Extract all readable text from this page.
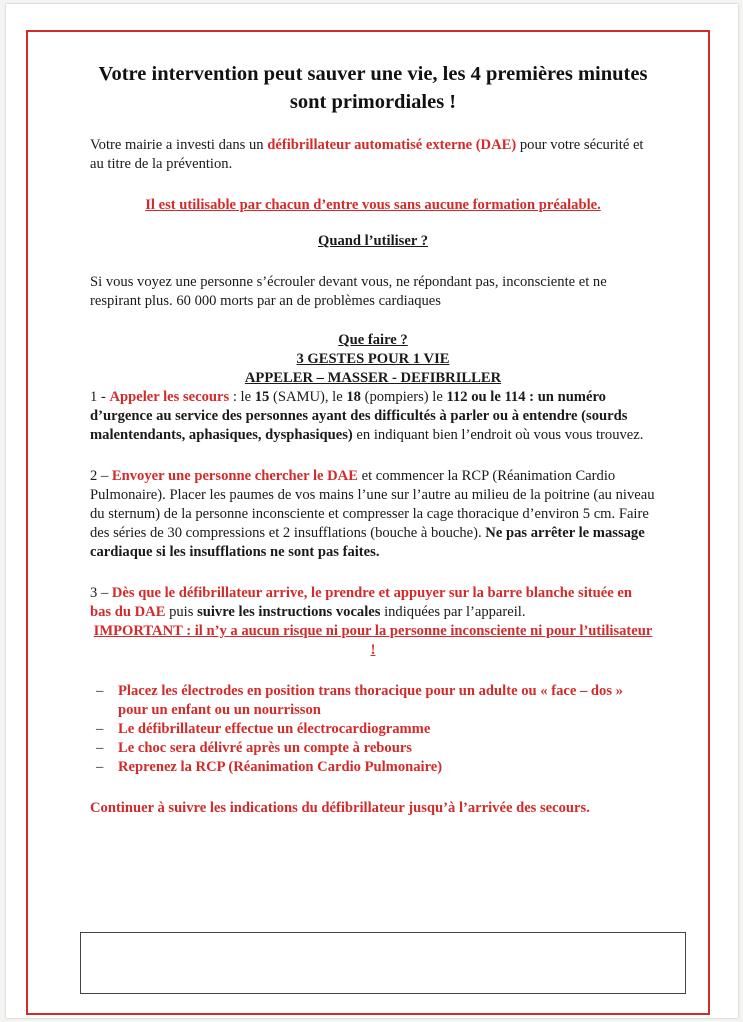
Votre intervention peut sauver une vie, les 4 premières minutes sont primordiales !

Votre mairie a investi dans un défibrillateur automatisé externe (DAE) pour votre sécurité et au titre de la prévention.

Il est utilisable par chacun d’entre vous sans aucune formation préalable.

Quand l’utiliser ?

Si vous voyez une personne s’écrouler devant vous, ne répondant pas, inconsciente et ne respirant plus. 60 000 morts par an de problèmes cardiaques

Que faire ?

3 GESTES POUR 1 VIE

APPELER – MASSER - DEFIBRILLER

1 - Appeler les secours : le 15 (SAMU), le 18 (pompiers) le 112 ou le 114 : un numéro d’urgence au service des personnes ayant des difficultés à parler ou à entendre (sourds malentendants, aphasiques, dysphasiques) en indiquant bien l’endroit où vous vous trouvez.

2 – Envoyer une personne chercher le DAE et commencer la RCP (Réanimation Cardio Pulmonaire). Placer les paumes de vos mains l’une sur l’autre au milieu de la poitrine (au niveau du sternum) de la personne inconsciente et compresser la cage thoracique d’environ 5 cm. Faire des séries de 30 compressions et 2 insufflations (bouche à bouche). Ne pas arrêter le massage cardiaque si les insufflations ne sont pas faites.

3 – Dès que le défibrillateur arrive, le prendre et appuyer sur la barre blanche située en bas du DAE puis suivre les instructions vocales indiquées par l’appareil.

IMPORTANT : il n’y a aucun risque ni pour la personne inconsciente ni pour l’utilisateur !

– Placez les électrodes en position trans thoracique pour un adulte ou « face – dos » pour un enfant ou un nourrisson
– Le défibrillateur effectue un électrocardiogramme
– Le choc sera délivré après un compte à rebours
– Reprenez la RCP (Réanimation Cardio Pulmonaire)

Continuer à suivre les indications du défibrillateur jusqu’à l’arrivée des secours.
